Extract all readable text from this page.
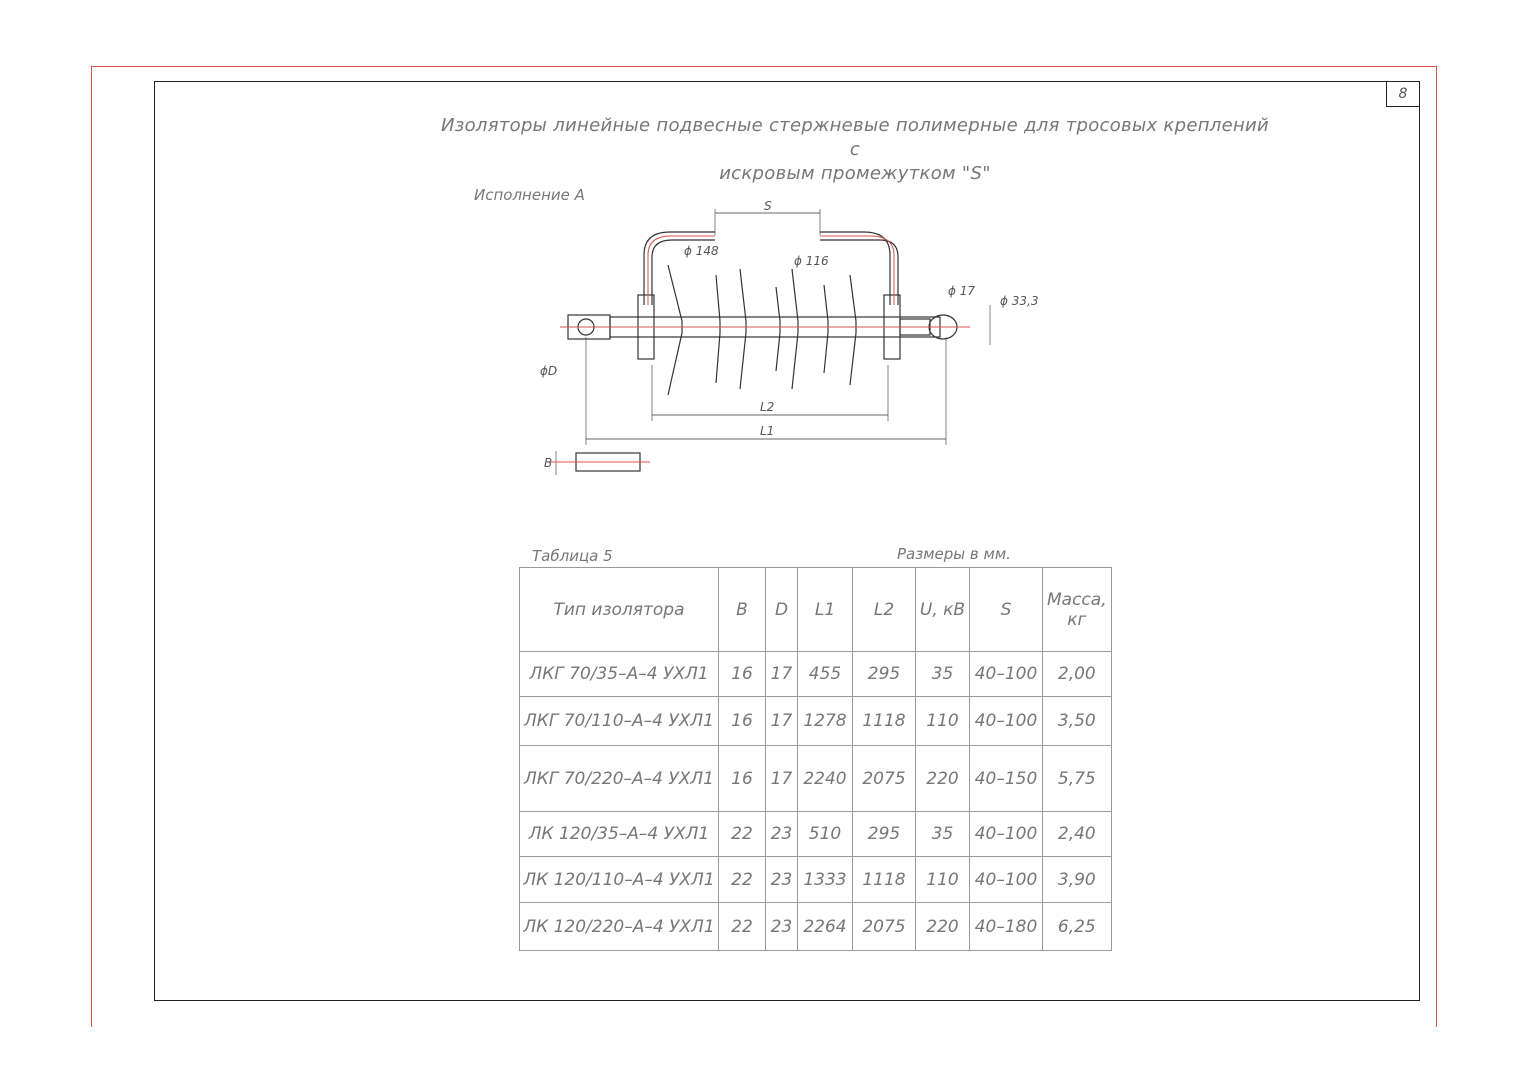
8
Изоляторы линейные подвесные стержневые полимерные для тросовых креплений с
искровым промежутком "S"
Исполнение А
S
ϕ 148
ϕ 116
ϕ 17
ϕ 33,3
ϕD
L2
L1
B
Таблица 5	Размеры в мм.
Тип изолятора	B	D	L1	L2	U, кВ	S	Масса, кг
ЛКГ 70/35–А–4 УХЛ1	16	17	455	295	35	40–100	2,00
ЛКГ 70/110–А–4 УХЛ1	16	17	1278	1118	110	40–100	3,50
ЛКГ 70/220–А–4 УХЛ1	16	17	2240	2075	220	40–150	5,75
ЛК 120/35–А–4 УХЛ1	22	23	510	295	35	40–100	2,40
ЛК 120/110–А–4 УХЛ1	22	23	1333	1118	110	40–100	3,90
ЛК 120/220–А–4 УХЛ1	22	23	2264	2075	220	40–180	6,25
